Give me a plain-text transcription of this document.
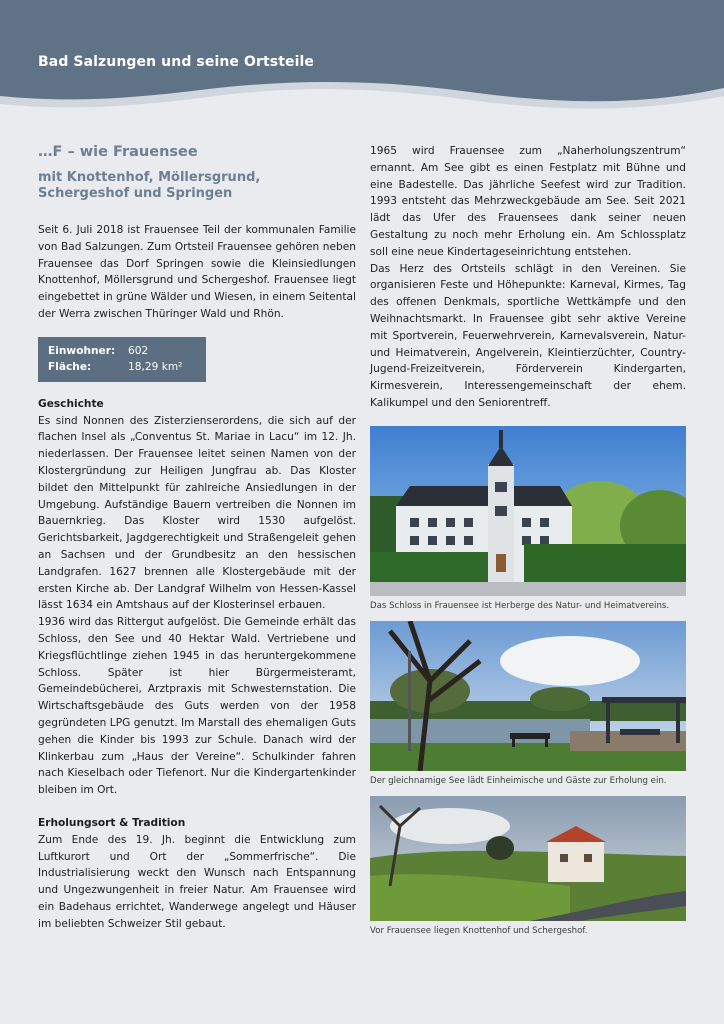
Bad Salzungen und seine Ortsteile
…F – wie Frauensee
mit Knottenhof, Möllersgrund, Schergeshof und Springen

Seit 6. Juli 2018 ist Frauensee Teil der kommunalen Familie von Bad Salzungen. Zum Ortsteil Frauensee gehören neben Frauensee das Dorf Springen sowie die Kleinsiedlungen Knottenhof, Möllersgrund und Schergeshof. Frauensee liegt eingebettet in grüne Wälder und Wiesen, in einem Seitental der Werra zwischen Thüringer Wald und Rhön.

Einwohner:	602
Fläche:	18,29 km²
Geschichte

Es sind Nonnen des Zisterzienserordens, die sich auf der flachen Insel als „Conventus St. Mariae in Lacu“ im 12. Jh. niederlassen. Der Frauensee leitet seinen Namen von der Klostergründung zur Heiligen Jungfrau ab. Das Kloster bildet den Mittelpunkt für zahlreiche Ansiedlungen in der Umgebung. Aufständige Bauern vertreiben die Nonnen im Bauernkrieg. Das Kloster wird 1530 aufgelöst. Gerichtsbarkeit, Jagdgerechtigkeit und Straßengeleit gehen an Sachsen und der Grundbesitz an den hessischen Landgrafen. 1627 brennen alle Klostergebäude mit der ersten Kirche ab. Der Landgraf Wilhelm von Hessen-Kassel lässt 1634 ein Amtshaus auf der Klosterinsel erbauen.

1936 wird das Rittergut aufgelöst. Die Gemeinde erhält das Schloss, den See und 40 Hektar Wald. Vertriebene und Kriegsflüchtlinge ziehen 1945 in das heruntergekommene Schloss. Später ist hier Bürgermeisteramt, Gemeindebücherei, Arztpraxis mit Schwesternstation. Die Wirtschaftsgebäude des Guts werden von der 1958 gegründeten LPG genutzt. Im Marstall des ehemaligen Guts gehen die Kinder bis 1993 zur Schule. Danach wird der Klinkerbau zum „Haus der Vereine“. Schulkinder fahren nach Kieselbach oder Tiefenort. Nur die Kindergartenkinder bleiben im Ort.

Erholungsort & Tradition

Zum Ende des 19. Jh. beginnt die Entwicklung zum Luftkurort und Ort der „Sommerfrische“. Die Industrialisierung weckt den Wunsch nach Entspannung und Ungezwungenheit in freier Natur. Am Frauensee wird ein Badehaus errichtet, Wanderwege angelegt und Häuser im beliebten Schweizer Stil gebaut.

1965 wird Frauensee zum „Naherholungszentrum“ ernannt. Am See gibt es einen Festplatz mit Bühne und eine Badestelle. Das jährliche Seefest wird zur Tradition. 1993 entsteht das Mehrzweckgebäude am See. Seit 2021 lädt das Ufer des Frauensees dank seiner neuen Gestaltung zu noch mehr Erholung ein. Am Schlossplatz soll eine neue Kindertageseinrichtung entstehen.

Das Herz des Ortsteils schlägt in den Vereinen. Sie organisieren Feste und Höhepunkte: Karneval, Kirmes, Tag des offenen Denkmals, sportliche Wettkämpfe und den Weihnachtsmarkt. In Frauensee gibt sehr aktive Vereine mit Sportverein, Feuerwehrverein, Karnevalsverein, Natur- und Heimatverein, Angelverein, Kleintierzüchter, Country-Jugend-Freizeitverein, Förderverein Kindergarten, Kirmesverein, Interessengemeinschaft der ehem. Kalikumpel und den Seniorentreff.

Das Schloss in Frauensee ist Herberge des Natur- und Heimatvereins.
Der gleichnamige See lädt Einheimische und Gäste zur Erholung ein.
Vor Frauensee liegen Knottenhof und Schergeshof.
